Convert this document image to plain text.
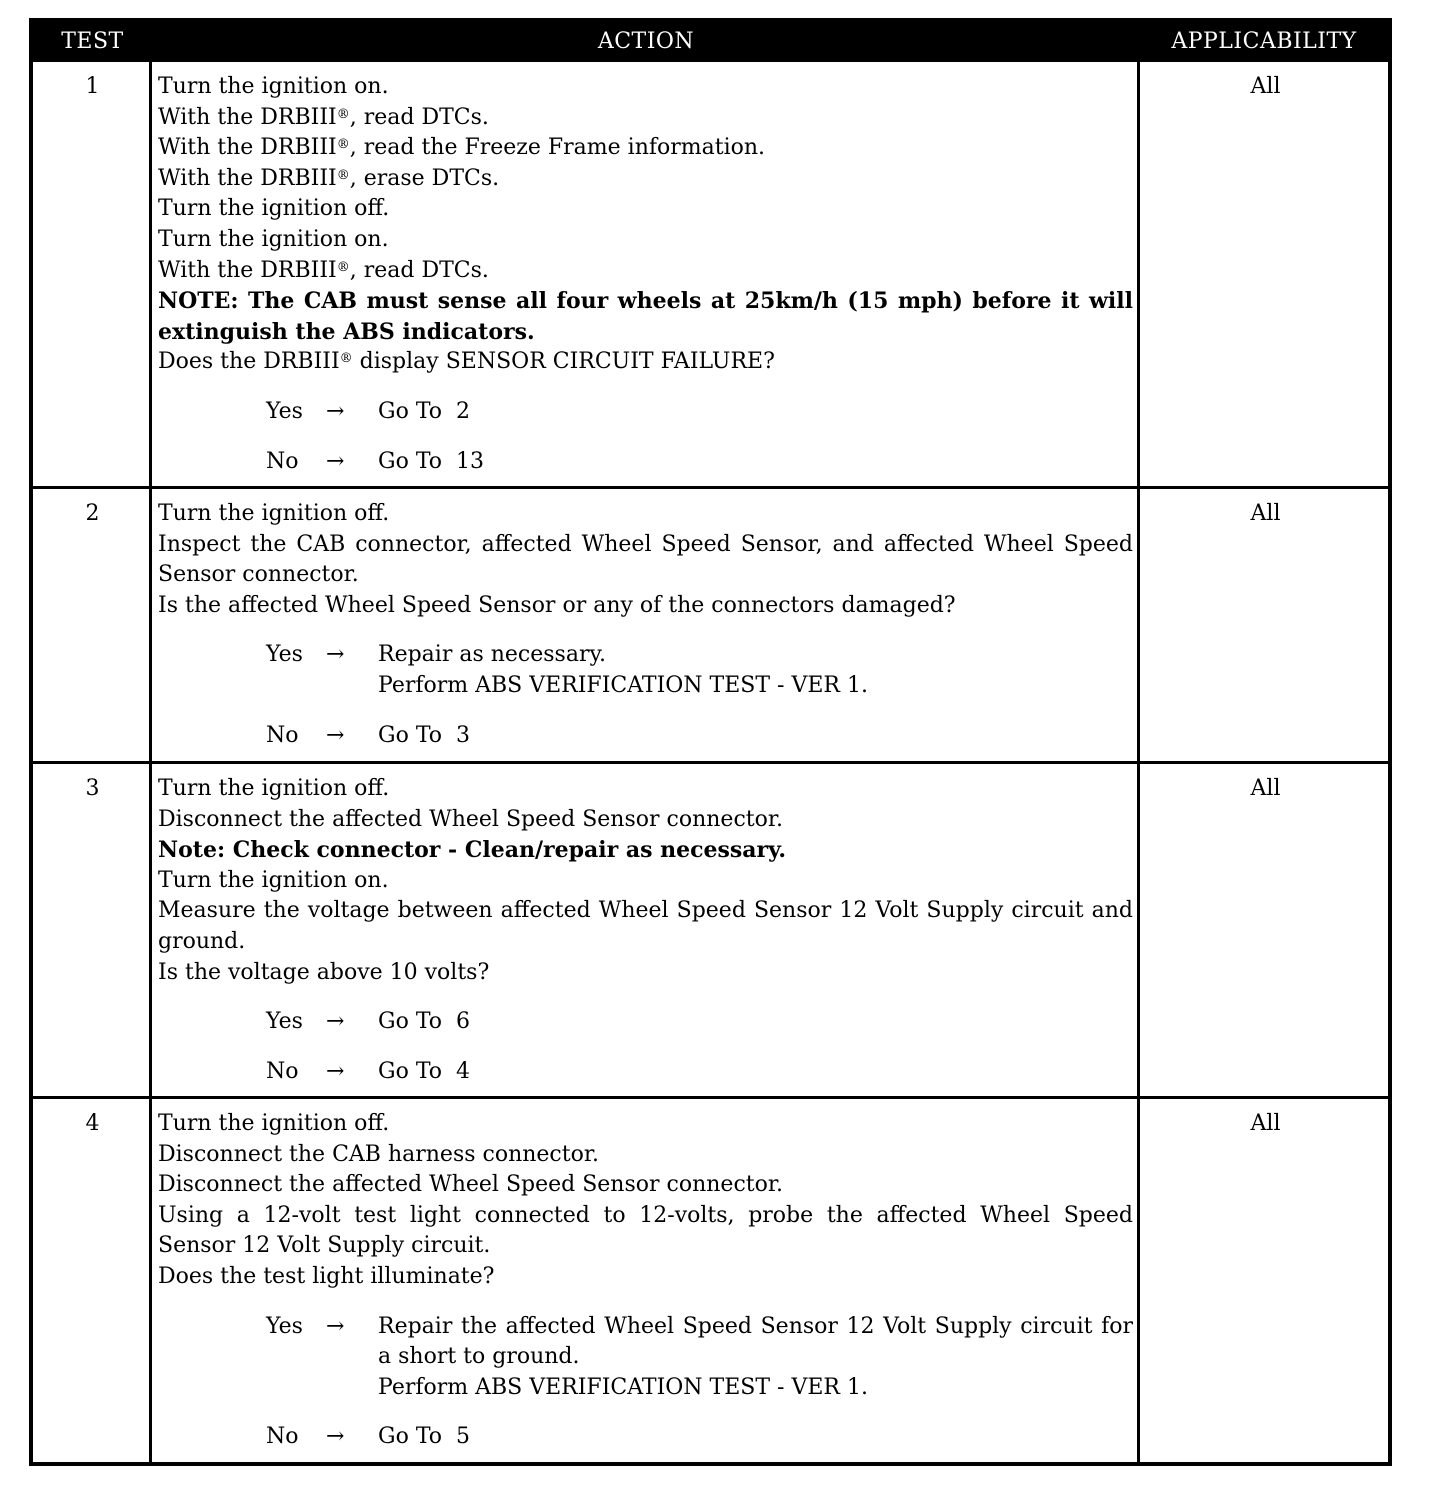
TEST	ACTION	APPLICABILITY
1	Turn the ignition on.

With the DRBIII®, read DTCs.

With the DRBIII®, read the Freeze Frame information.

With the DRBIII®, erase DTCs.

Turn the ignition off.

Turn the ignition on.

With the DRBIII®, read DTCs.

NOTE: The CAB must sense all four wheels at 25km/h (15 mph) before it will extinguish the ABS indicators.

Does the DRBIII® display SENSOR CIRCUIT FAILURE?

Yes → Go To 2
No → Go To 13
All
2	Turn the ignition off.

Inspect the CAB connector, affected Wheel Speed Sensor, and affected Wheel Speed Sensor connector.

Is the affected Wheel Speed Sensor or any of the connectors damaged?

Yes → Repair as necessary.

Perform ABS VERIFICATION TEST - VER 1.

No → Go To 3
All
3	Turn the ignition off.

Disconnect the affected Wheel Speed Sensor connector.

Note: Check connector - Clean/repair as necessary.

Turn the ignition on.

Measure the voltage between affected Wheel Speed Sensor 12 Volt Supply circuit and ground.

Is the voltage above 10 volts?

Yes → Go To 6
No → Go To 4
All
4	Turn the ignition off.

Disconnect the CAB harness connector.

Disconnect the affected Wheel Speed Sensor connector.

Using a 12-volt test light connected to 12-volts, probe the affected Wheel Speed Sensor 12 Volt Supply circuit.

Does the test light illuminate?

Yes → Repair the affected Wheel Speed Sensor 12 Volt Supply circuit for a short to ground.

Perform ABS VERIFICATION TEST - VER 1.

No → Go To 5
All
